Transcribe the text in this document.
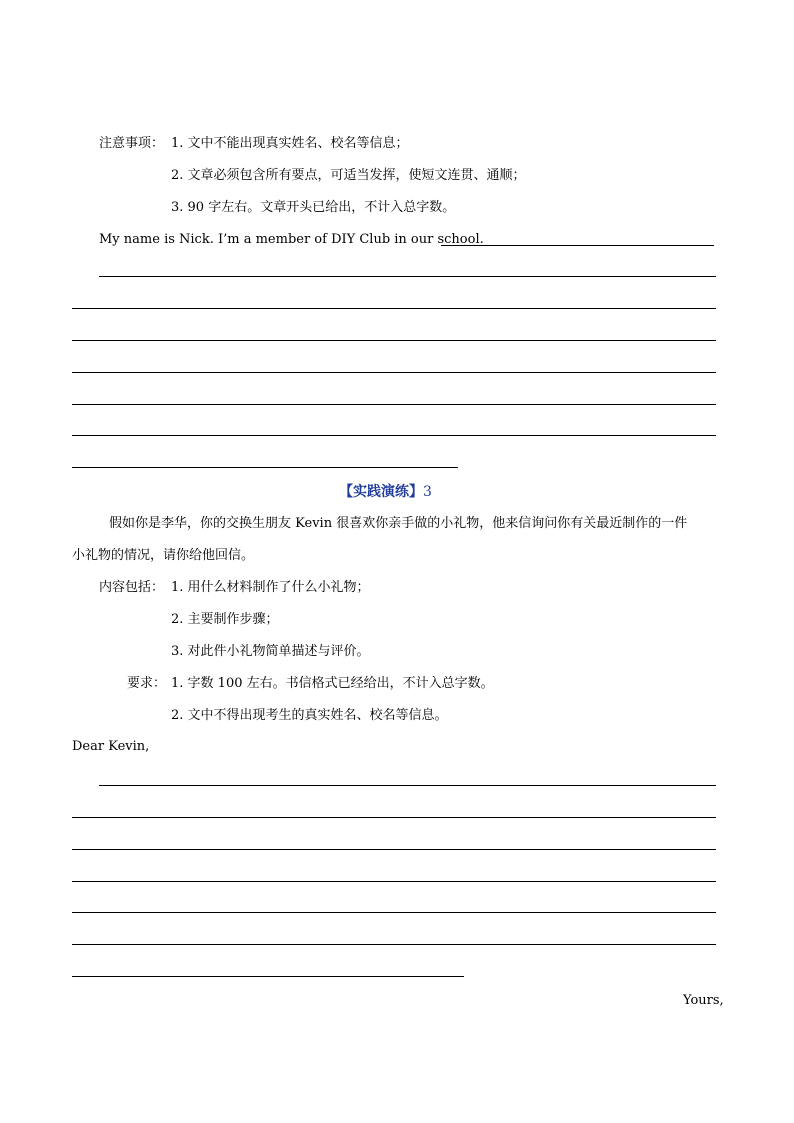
注意事项： 1. 文中不能出现真实姓名、校名等信息；
2. 文章必须包含所有要点，可适当发挥，使短文连贯、通顺；
3. 90 字左右。文章开头已给出，不计入总字数。
My name is Nick. I’m a member of DIY Club in our school.
【实践演练】3
假如你是李华，你的交换生朋友 Kevin 很喜欢你亲手做的小礼物，他来信询问你有关最近制作的一件
小礼物的情况，请你给他回信。
内容包括： 1. 用什么材料制作了什么小礼物；
2. 主要制作步骤；
3. 对此件小礼物简单描述与评价。
要求： 1. 字数 100 左右。书信格式已经给出，不计入总字数。
2. 文中不得出现考生的真实姓名、校名等信息。
Dear Kevin,
Yours,
